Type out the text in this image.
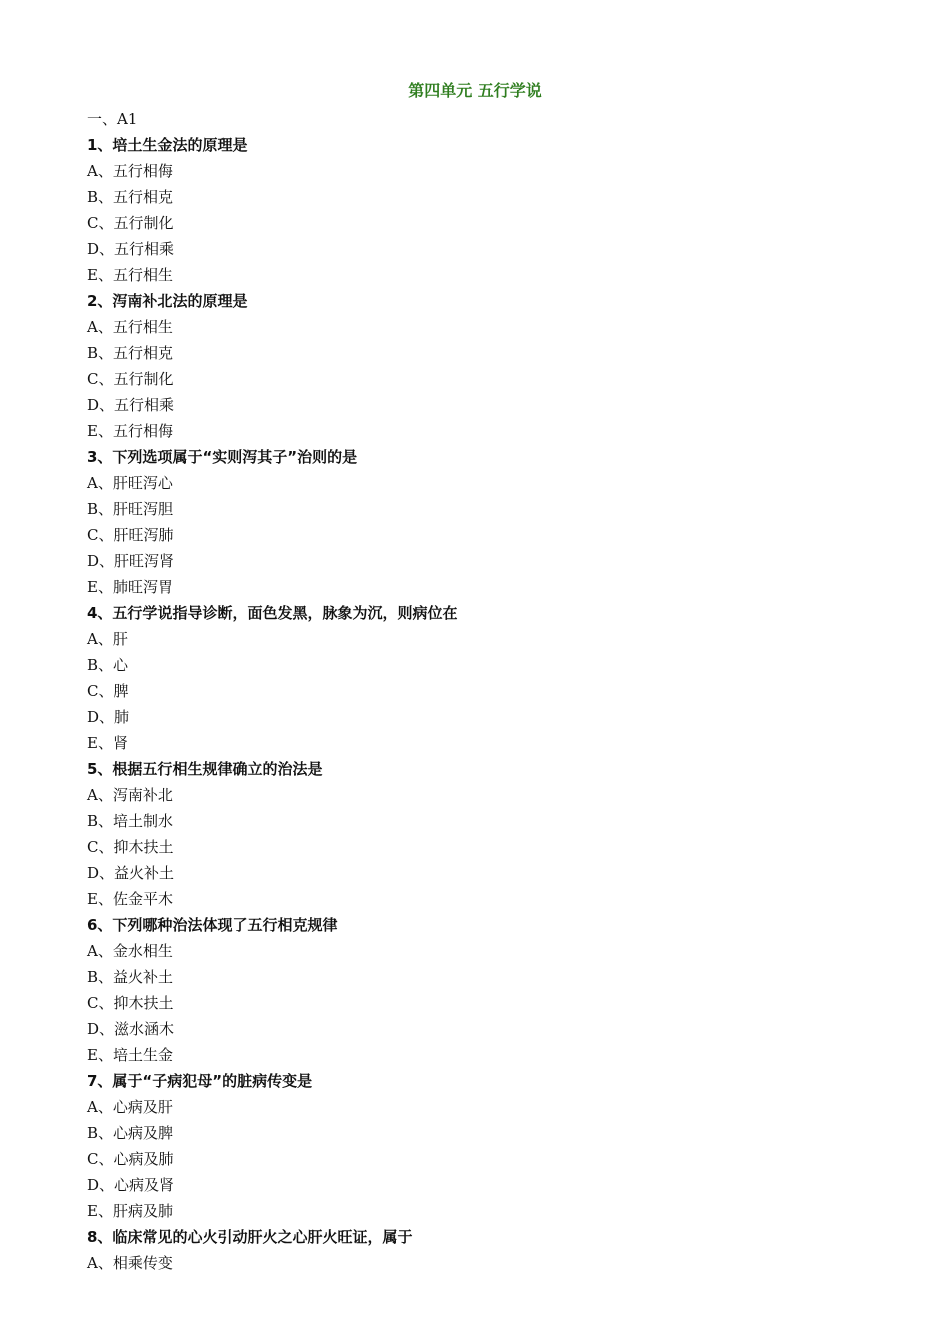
第四单元 五行学说
一、A1
1、培土生金法的原理是
A、五行相侮
B、五行相克
C、五行制化
D、五行相乘
E、五行相生
2、泻南补北法的原理是
A、五行相生
B、五行相克
C、五行制化
D、五行相乘
E、五行相侮
3、下列选项属于“实则泻其子”治则的是
A、肝旺泻心
B、肝旺泻胆
C、肝旺泻肺
D、肝旺泻肾
E、肺旺泻胃
4、五行学说指导诊断，面色发黑，脉象为沉，则病位在
A、肝
B、心
C、脾
D、肺
E、肾
5、根据五行相生规律确立的治法是
A、泻南补北
B、培土制水
C、抑木扶土
D、益火补土
E、佐金平木
6、下列哪种治法体现了五行相克规律
A、金水相生
B、益火补土
C、抑木扶土
D、滋水涵木
E、培土生金
7、属于“子病犯母”的脏病传变是
A、心病及肝
B、心病及脾
C、心病及肺
D、心病及肾
E、肝病及肺
8、临床常见的心火引动肝火之心肝火旺证，属于
A、相乘传变
